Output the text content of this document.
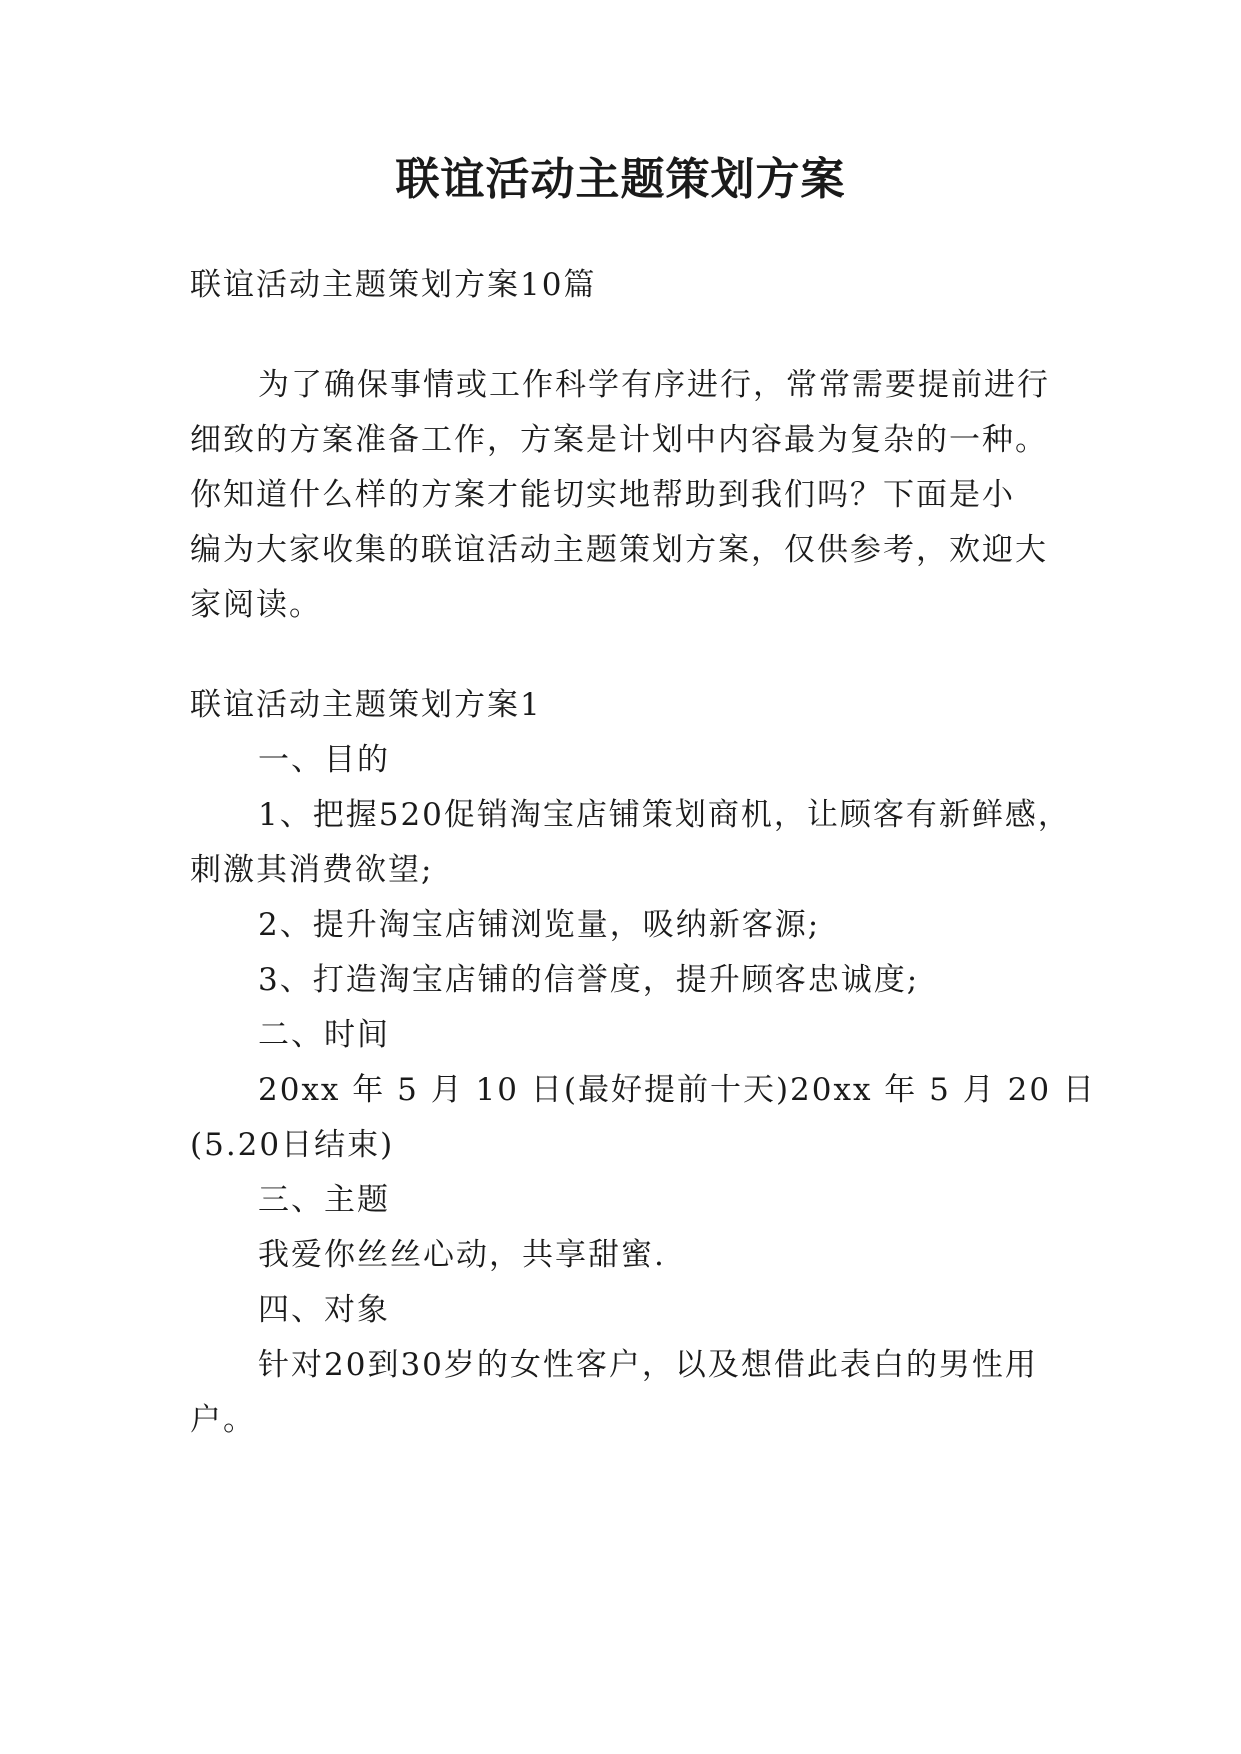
联谊活动主题策划方案
联谊活动主题策划方案10篇
为了确保事情或工作科学有序进行，常常需要提前进行
细致的方案准备工作，方案是计划中内容最为复杂的一种。
你知道什么样的方案才能切实地帮助到我们吗？下面是小
编为大家收集的联谊活动主题策划方案，仅供参考，欢迎大
家阅读。
联谊活动主题策划方案1
一、目的
1、把握520促销淘宝店铺策划商机，让顾客有新鲜感，
刺激其消费欲望;
2、提升淘宝店铺浏览量，吸纳新客源;
3、打造淘宝店铺的信誉度，提升顾客忠诚度;
二、时间
20xx 年 5 月 10 日(最好提前十天)20xx 年 5 月 20 日
(5.20日结束)
三、主题
我爱你丝丝心动，共享甜蜜.
四、对象
针对20到30岁的女性客户，以及想借此表白的男性用
户。
